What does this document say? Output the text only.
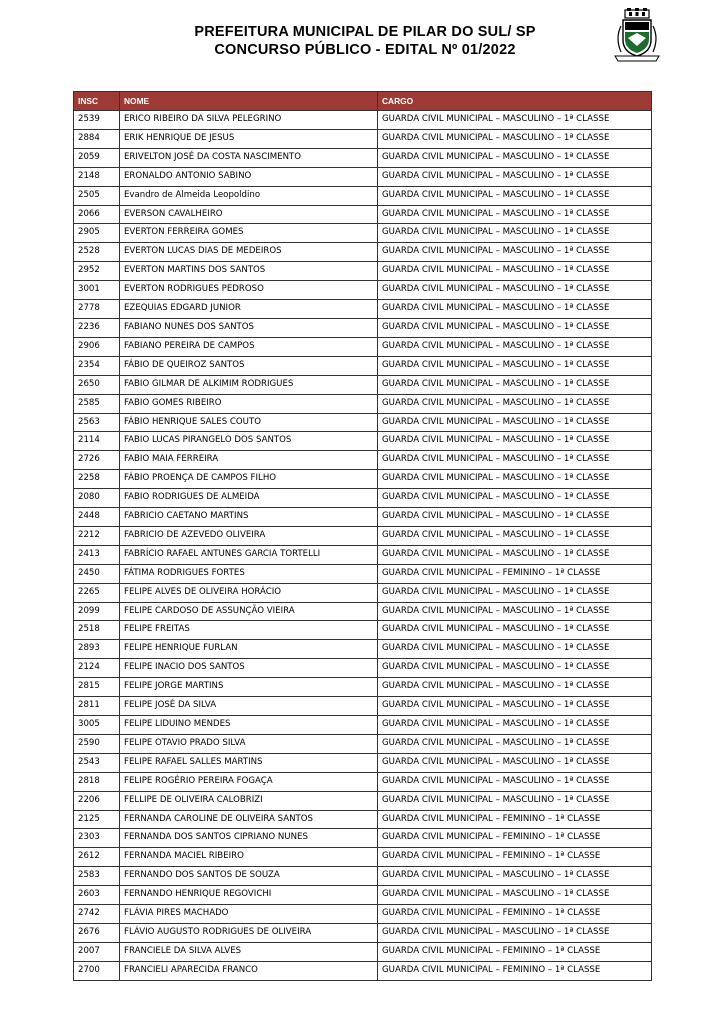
PREFEITURA MUNICIPAL DE PILAR DO SUL/ SP
CONCURSO PÚBLICO - EDITAL Nº 01/2022
INSC	NOME	CARGO
2539	ERICO RIBEIRO DA SILVA PELEGRINO	GUARDA CIVIL MUNICIPAL – MASCULINO – 1ª CLASSE
2884	ERIK HENRIQUE DE JESUS	GUARDA CIVIL MUNICIPAL – MASCULINO – 1ª CLASSE
2059	ERIVELTON JOSÉ DA COSTA NASCIMENTO	GUARDA CIVIL MUNICIPAL – MASCULINO – 1ª CLASSE
2148	ERONALDO ANTONIO SABINO	GUARDA CIVIL MUNICIPAL – MASCULINO – 1ª CLASSE
2505	Evandro de Almeida Leopoldino	GUARDA CIVIL MUNICIPAL – MASCULINO – 1ª CLASSE
2066	EVERSON CAVALHEIRO	GUARDA CIVIL MUNICIPAL – MASCULINO – 1ª CLASSE
2905	EVERTON FERREIRA GOMES	GUARDA CIVIL MUNICIPAL – MASCULINO – 1ª CLASSE
2528	EVERTON LUCAS DIAS DE MEDEIROS	GUARDA CIVIL MUNICIPAL – MASCULINO – 1ª CLASSE
2952	EVERTON MARTINS DOS SANTOS	GUARDA CIVIL MUNICIPAL – MASCULINO – 1ª CLASSE
3001	EVERTON RODRIGUES PEDROSO	GUARDA CIVIL MUNICIPAL – MASCULINO – 1ª CLASSE
2778	EZEQUIAS EDGARD JUNIOR	GUARDA CIVIL MUNICIPAL – MASCULINO – 1ª CLASSE
2236	FABIANO NUNES DOS SANTOS	GUARDA CIVIL MUNICIPAL – MASCULINO – 1ª CLASSE
2906	FABIANO PEREIRA DE CAMPOS	GUARDA CIVIL MUNICIPAL – MASCULINO – 1ª CLASSE
2354	FÁBIO DE QUEIROZ SANTOS	GUARDA CIVIL MUNICIPAL – MASCULINO – 1ª CLASSE
2650	FABIO GILMAR DE ALKIMIM RODRIGUES	GUARDA CIVIL MUNICIPAL – MASCULINO – 1ª CLASSE
2585	FABIO GOMES RIBEIRO	GUARDA CIVIL MUNICIPAL – MASCULINO – 1ª CLASSE
2563	FÁBIO HENRIQUE SALES COUTO	GUARDA CIVIL MUNICIPAL – MASCULINO – 1ª CLASSE
2114	FABIO LUCAS PIRANGELO DOS SANTOS	GUARDA CIVIL MUNICIPAL – MASCULINO – 1ª CLASSE
2726	FABIO MAIA FERREIRA	GUARDA CIVIL MUNICIPAL – MASCULINO – 1ª CLASSE
2258	FÁBIO PROENÇA DE CAMPOS FILHO	GUARDA CIVIL MUNICIPAL – MASCULINO – 1ª CLASSE
2080	FABIO RODRIGUES DE ALMEIDA	GUARDA CIVIL MUNICIPAL – MASCULINO – 1ª CLASSE
2448	FABRICIO CAETANO MARTINS	GUARDA CIVIL MUNICIPAL – MASCULINO – 1ª CLASSE
2212	FABRICIO DE AZEVEDO OLIVEIRA	GUARDA CIVIL MUNICIPAL – MASCULINO – 1ª CLASSE
2413	FABRÍCIO RAFAEL ANTUNES GARCIA TORTELLI	GUARDA CIVIL MUNICIPAL – MASCULINO – 1ª CLASSE
2450	FÁTIMA RODRIGUES FORTES	GUARDA CIVIL MUNICIPAL – FEMININO – 1ª CLASSE
2265	FELIPE ALVES DE OLIVEIRA HORÁCIO	GUARDA CIVIL MUNICIPAL – MASCULINO – 1ª CLASSE
2099	FELIPE CARDOSO DE ASSUNÇÃO VIEIRA	GUARDA CIVIL MUNICIPAL – MASCULINO – 1ª CLASSE
2518	FELIPE FREITAS	GUARDA CIVIL MUNICIPAL – MASCULINO – 1ª CLASSE
2893	FELIPE HENRIQUE FURLAN	GUARDA CIVIL MUNICIPAL – MASCULINO – 1ª CLASSE
2124	FELIPE INACIO DOS SANTOS	GUARDA CIVIL MUNICIPAL – MASCULINO – 1ª CLASSE
2815	FELIPE JORGE MARTINS	GUARDA CIVIL MUNICIPAL – MASCULINO – 1ª CLASSE
2811	FELIPE JOSÉ DA SILVA	GUARDA CIVIL MUNICIPAL – MASCULINO – 1ª CLASSE
3005	FELIPE LIDUINO MENDES	GUARDA CIVIL MUNICIPAL – MASCULINO – 1ª CLASSE
2590	FELIPE OTAVIO PRADO SILVA	GUARDA CIVIL MUNICIPAL – MASCULINO – 1ª CLASSE
2543	FELIPE RAFAEL SALLES MARTINS	GUARDA CIVIL MUNICIPAL – MASCULINO – 1ª CLASSE
2818	FELIPE ROGÉRIO PEREIRA FOGAÇA	GUARDA CIVIL MUNICIPAL – MASCULINO – 1ª CLASSE
2206	FELLIPE DE OLIVEIRA CALOBRIZI	GUARDA CIVIL MUNICIPAL – MASCULINO – 1ª CLASSE
2125	FERNANDA CAROLINE DE OLIVEIRA SANTOS	GUARDA CIVIL MUNICIPAL – FEMININO – 1ª CLASSE
2303	FERNANDA DOS SANTOS CIPRIANO NUNES	GUARDA CIVIL MUNICIPAL – FEMININO – 1ª CLASSE
2612	FERNANDA MACIEL RIBEIRO	GUARDA CIVIL MUNICIPAL – FEMININO – 1ª CLASSE
2583	FERNANDO DOS SANTOS DE SOUZA	GUARDA CIVIL MUNICIPAL – MASCULINO – 1ª CLASSE
2603	FERNANDO HENRIQUE REGOVICHI	GUARDA CIVIL MUNICIPAL – MASCULINO – 1ª CLASSE
2742	FLÁVIA PIRES MACHADO	GUARDA CIVIL MUNICIPAL – FEMININO – 1ª CLASSE
2676	FLÁVIO AUGUSTO RODRIGUES DE OLIVEIRA	GUARDA CIVIL MUNICIPAL – MASCULINO – 1ª CLASSE
2007	FRANCIELE DA SILVA ALVES	GUARDA CIVIL MUNICIPAL – FEMININO – 1ª CLASSE
2700	FRANCIELI APARECIDA FRANCO	GUARDA CIVIL MUNICIPAL – FEMININO – 1ª CLASSE
